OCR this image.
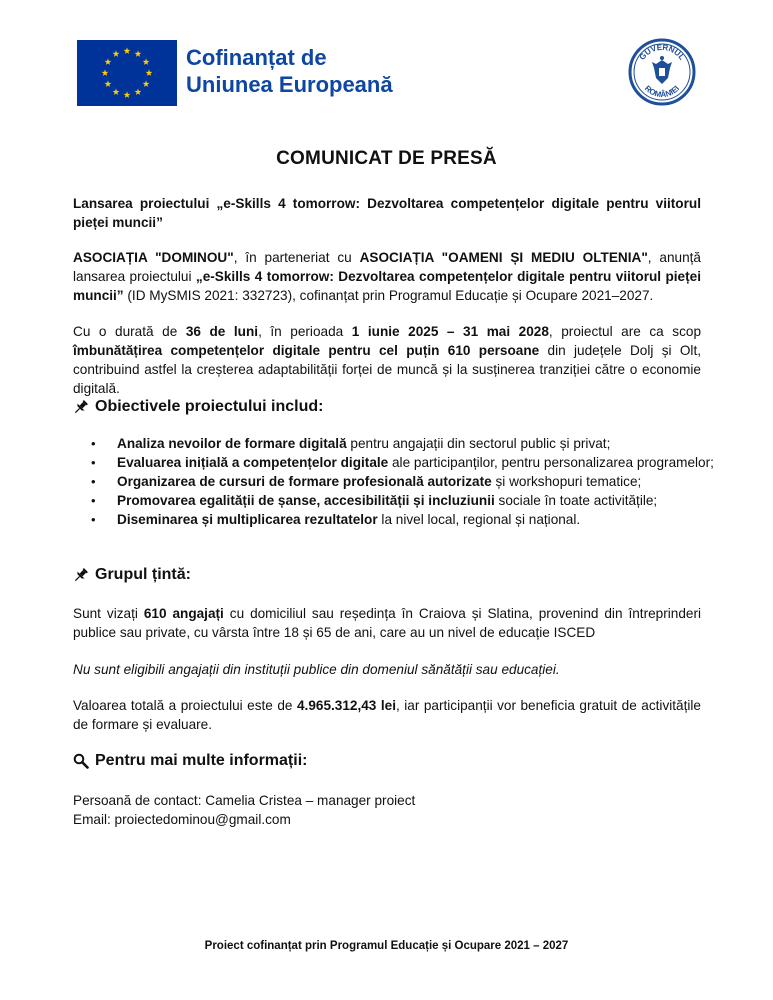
Cofinanțat de
Uniunea Europeană
GUVERNUL
ROMÂNIEI
COMUNICAT DE PRESĂ
Lansarea proiectului „e-Skills 4 tomorrow: Dezvoltarea competențelor digitale pentru viitorul pieței muncii”
ASOCIAȚIA "DOMINOU", în parteneriat cu ASOCIAȚIA "OAMENI ȘI MEDIU OLTENIA", anunță lansarea proiectului „e-Skills 4 tomorrow: Dezvoltarea competențelor digitale pentru viitorul pieței muncii” (ID MySMIS 2021: 332723), cofinanțat prin Programul Educație și Ocupare 2021–2027.
Cu o durată de 36 de luni, în perioada 1 iunie 2025 – 31 mai 2028, proiectul are ca scop îmbunătățirea competențelor digitale pentru cel puțin 610 persoane din județele Dolj și Olt, contribuind astfel la creșterea adaptabilității forței de muncă și la susținerea tranziției către o economie digitală.
Obiectivele proiectului includ:
• Analiza nevoilor de formare digitală pentru angajații din sectorul public și privat;
• Evaluarea inițială a competențelor digitale ale participanților, pentru personalizarea programelor;
• Organizarea de cursuri de formare profesională autorizate și workshopuri tematice;
• Promovarea egalității de șanse, accesibilității și incluziunii sociale în toate activitățile;
• Diseminarea și multiplicarea rezultatelor la nivel local, regional și național.
Grupul țintă:
Sunt vizați 610 angajați cu domiciliul sau reședința în Craiova și Slatina, provenind din întreprinderi publice sau private, cu vârsta între 18 și 65 de ani, care au un nivel de educație ISCED
Nu sunt eligibili angajații din instituții publice din domeniul sănătății sau educației.
Valoarea totală a proiectului este de 4.965.312,43 lei, iar participanții vor beneficia gratuit de activitățile de formare și evaluare.
Pentru mai multe informații:
Persoană de contact: Camelia Cristea – manager proiect
Email: proiectedominou@gmail.com
Proiect cofinanțat prin Programul Educație și Ocupare 2021 – 2027
